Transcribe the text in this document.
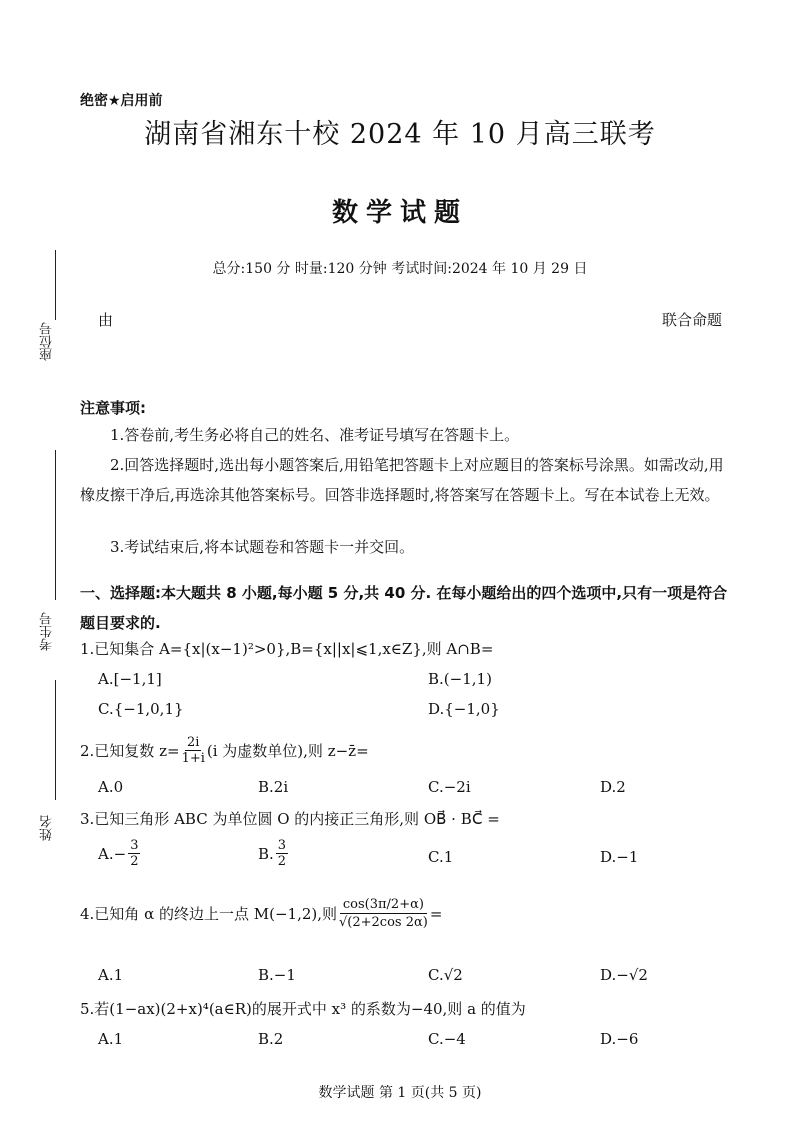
绝密★启用前
湖南省湘东十校 2024 年 10 月高三联考
数学试题
总分:150 分 时量:120 分钟 考试时间:2024 年 10 月 29 日
由	联合命题
座位号
考生号
姓名
注意事项:
1.答卷前,考生务必将自己的姓名、准考证号填写在答题卡上。
2.回答选择题时,选出每小题答案后,用铅笔把答题卡上对应题目的答案标号涂黑。如需改动,用橡皮擦干净后,再选涂其他答案标号。回答非选择题时,将答案写在答题卡上。写在本试卷上无效。
3.考试结束后,将本试题卷和答题卡一并交回。
一、选择题:本大题共 8 小题,每小题 5 分,共 40 分. 在每小题给出的四个选项中,只有一项是符合题目要求的.
1.已知集合 A={x|(x−1)²>0},B={x||x|⩽1,x∈Z},则 A∩B=
A.[−1,1]	B.(−1,1)
C.{−1,0,1}	D.{−1,0}
2.已知复数 $z= \frac{2i}{1+i} (i$ 为虚数单位),则 z−z̄=
A.0	B.2i	C.−2i	D.2
3.已知三角形 ABC 为单位圆 O 的内接正三角形,则 OB⃗ · BC⃗ =
A. − $\frac{3}{2}$	B. $\frac{3}{2}$	C.1	D.−1
4.已知角 α 的终边上一点 M(−1,2),则 $\frac{\cos(3\pi/2+\alpha)}{√(2+2\cos 2\alpha)}$ =
A.1	B.−1	C.√2	D.−√2
5.若(1−ax)(2+x)⁴(a∈R)的展开式中 x³ 的系数为−40,则 a 的值为
A.1	B.2	C.−4	D.−6
数学试题 第 1 页(共 5 页)
